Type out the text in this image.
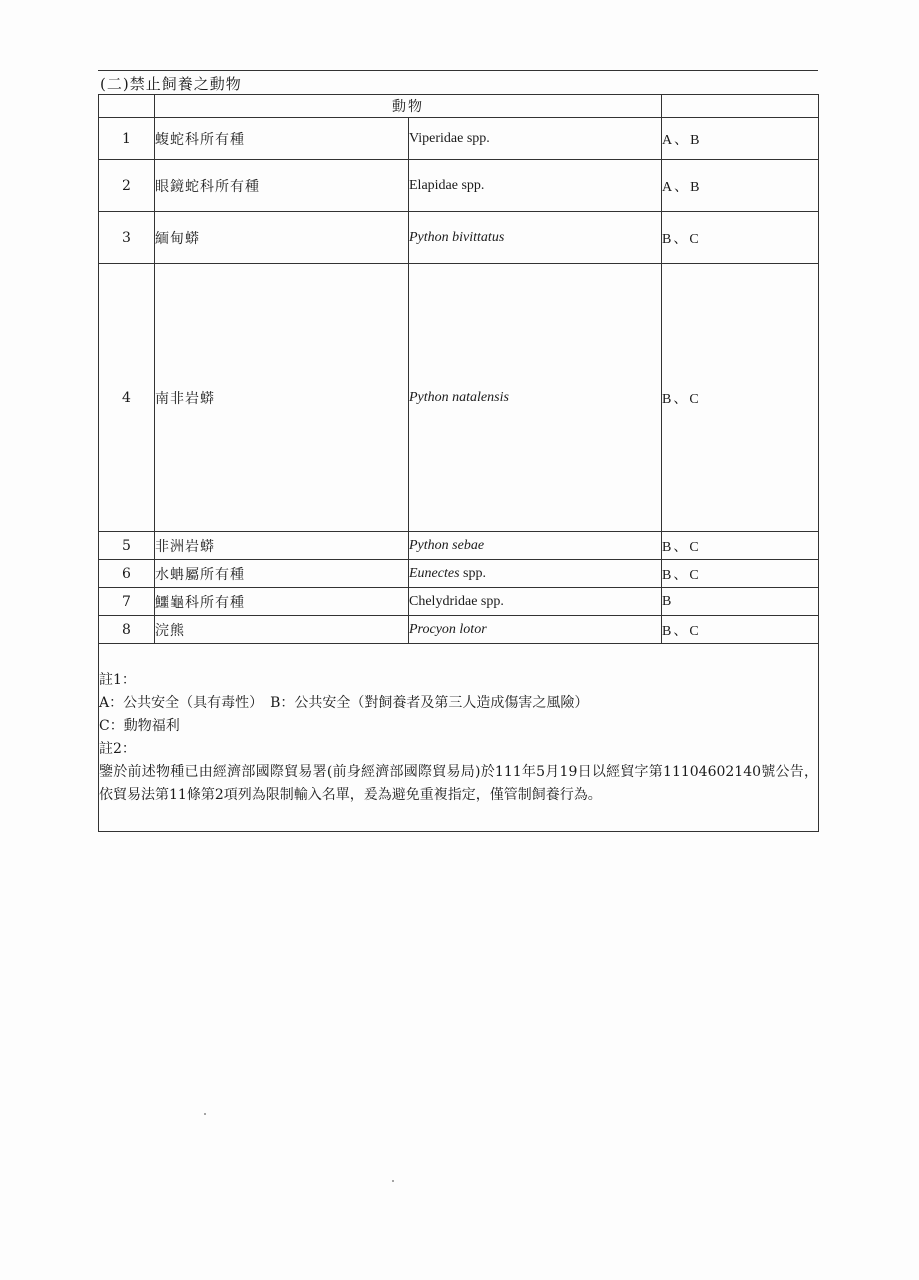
(二)禁止飼養之動物
	動物		
1	蝮蛇科所有種	Viperidae spp.	A、B
2	眼鏡蛇科所有種	Elapidae spp.	A、B
3	緬甸蟒	Python bivittatus	B、C
4	南非岩蟒	Python natalensis	B、C
5	非洲岩蟒	Python sebae	B、C
6	水蚺屬所有種	Eunectes spp.	B、C
7	鱷龜科所有種	Chelydridae spp.	B
8	浣熊	Procyon lotor	B、C

註1：
A：公共安全（具有毒性）　B：公共安全（對飼養者及第三人造成傷害之風險）
C：動物福利
註2：
鑒於前述物種已由經濟部國際貿易署(前身經濟部國際貿易局)於111年5月19日以經貿字第11104602140號公告，依貿易法第11條第2項列為限制輸入名單，爰為避免重複指定，僅管制飼養行為。			
